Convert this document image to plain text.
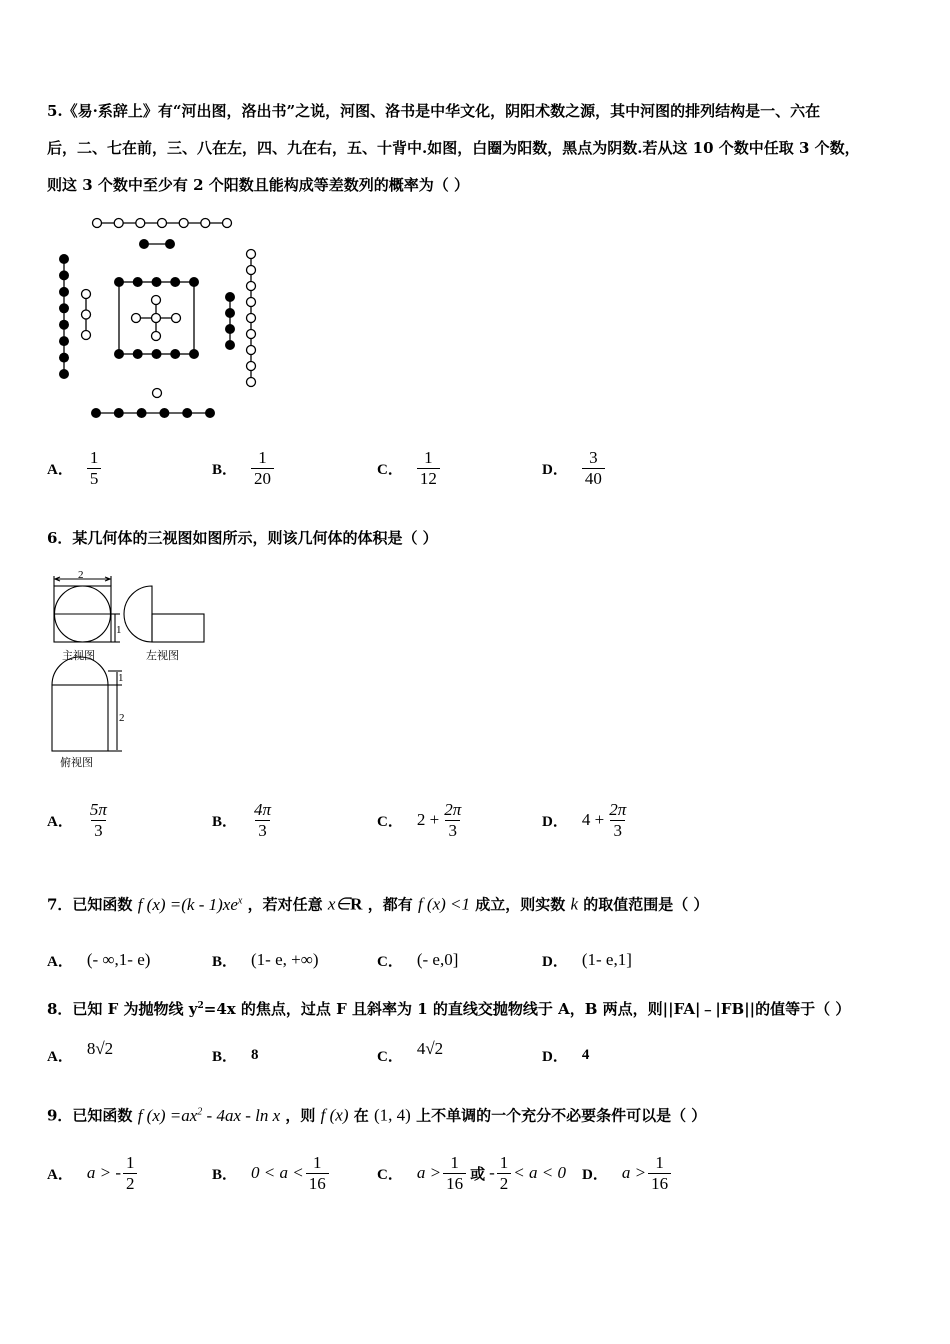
5.《易·系辞上》有“河出图，洛出书”之说，河图、洛书是中华文化，阴阳术数之源，其中河图的排列结构是一、六在

后，二、七在前，三、八在左，四、九在右，五、十背中.如图，白圈为阳数，黑点为阴数.若从这 10 个数中任取 3 个数，

则这 3 个数中至少有 2 个阳数且能构成等差数列的概率为（ ）

A． $\frac{1}{5}$	B． $\frac{1}{20}$	C． $\frac{1}{12}$	D． $\frac{3}{40}$

6．某几何体的三视图如图所示，则该几何体的体积是（ ）

2
1
1
2
主视图	左视图
俯视图
A． $\frac{5\pi}{3}$	B． $\frac{4\pi}{3}$	C． $2 + \frac{2\pi}{3}$	D． $4 + \frac{2\pi}{3}$
7．已知函数 f $(x) =(k - 1)xe^x$ ，若对任意 x∈R ，都有 f (x) <1 成立，则实数 k 的取值范围是（ ）
A． (- ∞,1- e)	B． (1- e, +∞)	C． (- e,0]	D． (1- e,1]
8．已知 F 为抛物线 $y^2=4x$ 的焦点，过点 F 且斜率为 1 的直线交抛物线于 A，B 两点，则||FA|﹣|FB||的值等于（ ）
A． 8√2	B． 8	C． 4√2	D． 4
9．已知函数 f $(x) =ax^2 - 4ax - \ln x$ ，则 f (x) 在 (1, 4) 上不单调的一个充分不必要条件可以是（ ）
A． a > - $\frac{1}{2}$	B． $0 < a < \frac{1}{16}$	C． $a > \frac{1}{16}$ 或 - $\frac{1}{2} < a < 0$ D． $a > \frac{1}{16}$
